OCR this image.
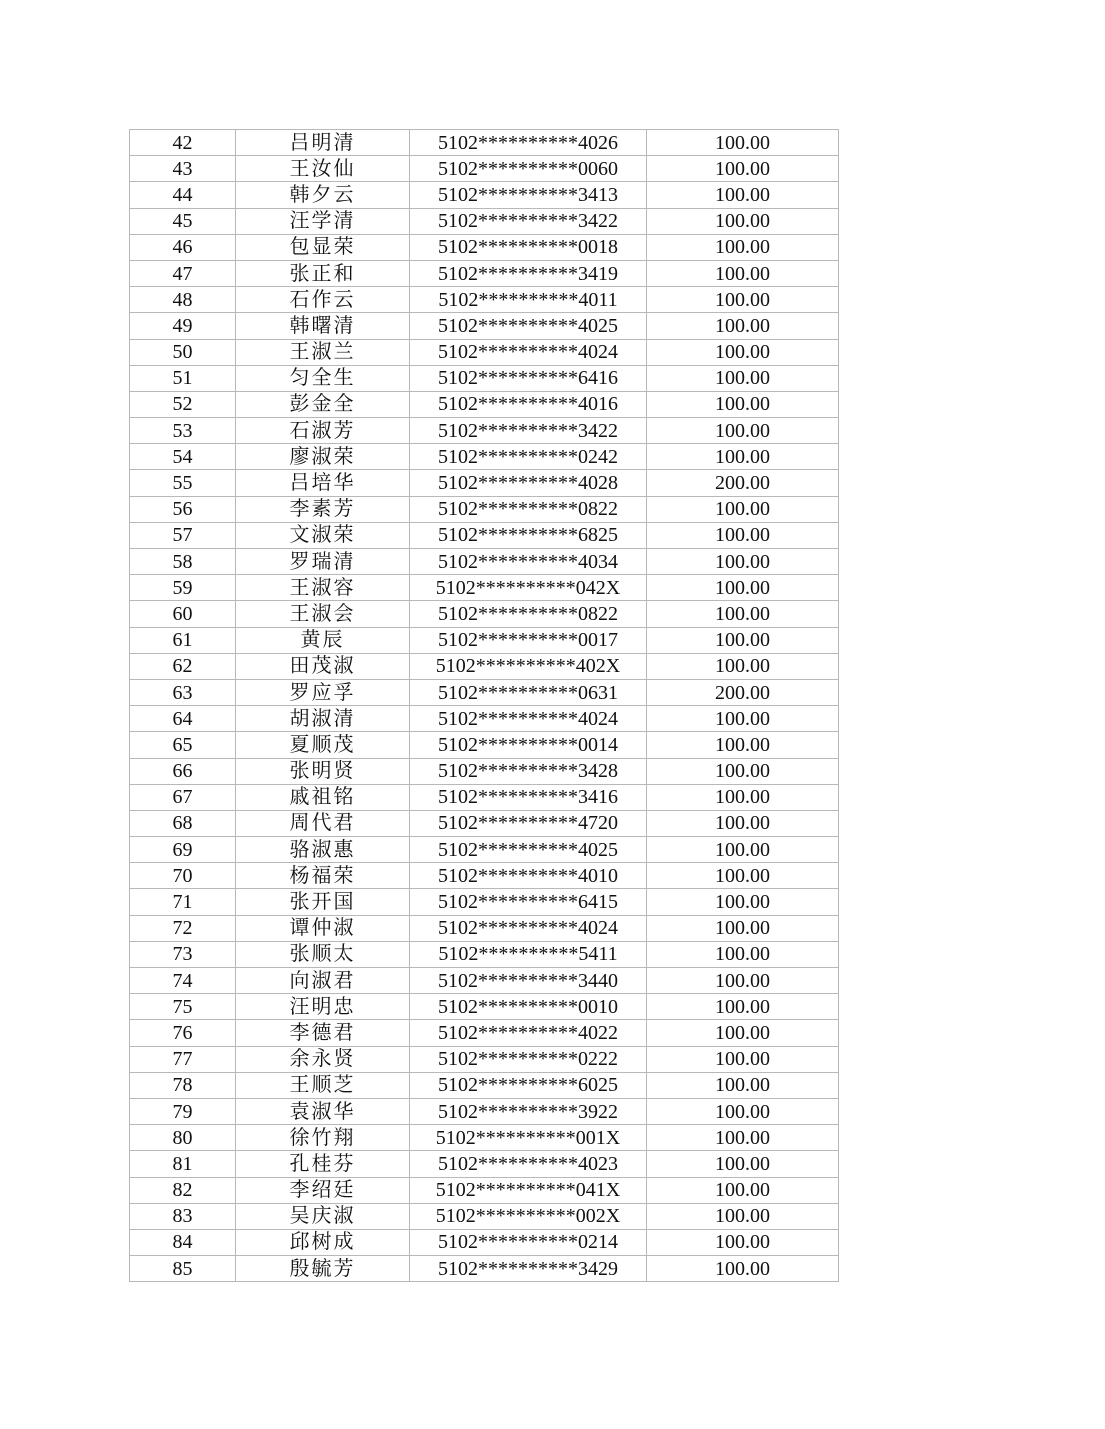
42	吕明清	5102**********4026	100.00
43	王汝仙	5102**********0060	100.00
44	韩夕云	5102**********3413	100.00
45	汪学清	5102**********3422	100.00
46	包显荣	5102**********0018	100.00
47	张正和	5102**********3419	100.00
48	石作云	5102**********4011	100.00
49	韩曙清	5102**********4025	100.00
50	王淑兰	5102**********4024	100.00
51	匀全生	5102**********6416	100.00
52	彭金全	5102**********4016	100.00
53	石淑芳	5102**********3422	100.00
54	廖淑荣	5102**********0242	100.00
55	吕培华	5102**********4028	200.00
56	李素芳	5102**********0822	100.00
57	文淑荣	5102**********6825	100.00
58	罗瑞清	5102**********4034	100.00
59	王淑容	5102**********042X	100.00
60	王淑会	5102**********0822	100.00
61	黄辰	5102**********0017	100.00
62	田茂淑	5102**********402X	100.00
63	罗应孚	5102**********0631	200.00
64	胡淑清	5102**********4024	100.00
65	夏顺茂	5102**********0014	100.00
66	张明贤	5102**********3428	100.00
67	戚祖铭	5102**********3416	100.00
68	周代君	5102**********4720	100.00
69	骆淑惠	5102**********4025	100.00
70	杨福荣	5102**********4010	100.00
71	张开国	5102**********6415	100.00
72	谭仲淑	5102**********4024	100.00
73	张顺太	5102**********5411	100.00
74	向淑君	5102**********3440	100.00
75	汪明忠	5102**********0010	100.00
76	李德君	5102**********4022	100.00
77	余永贤	5102**********0222	100.00
78	王顺芝	5102**********6025	100.00
79	袁淑华	5102**********3922	100.00
80	徐竹翔	5102**********001X	100.00
81	孔桂芬	5102**********4023	100.00
82	李绍廷	5102**********041X	100.00
83	吴庆淑	5102**********002X	100.00
84	邱树成	5102**********0214	100.00
85	殷毓芳	5102**********3429	100.00
